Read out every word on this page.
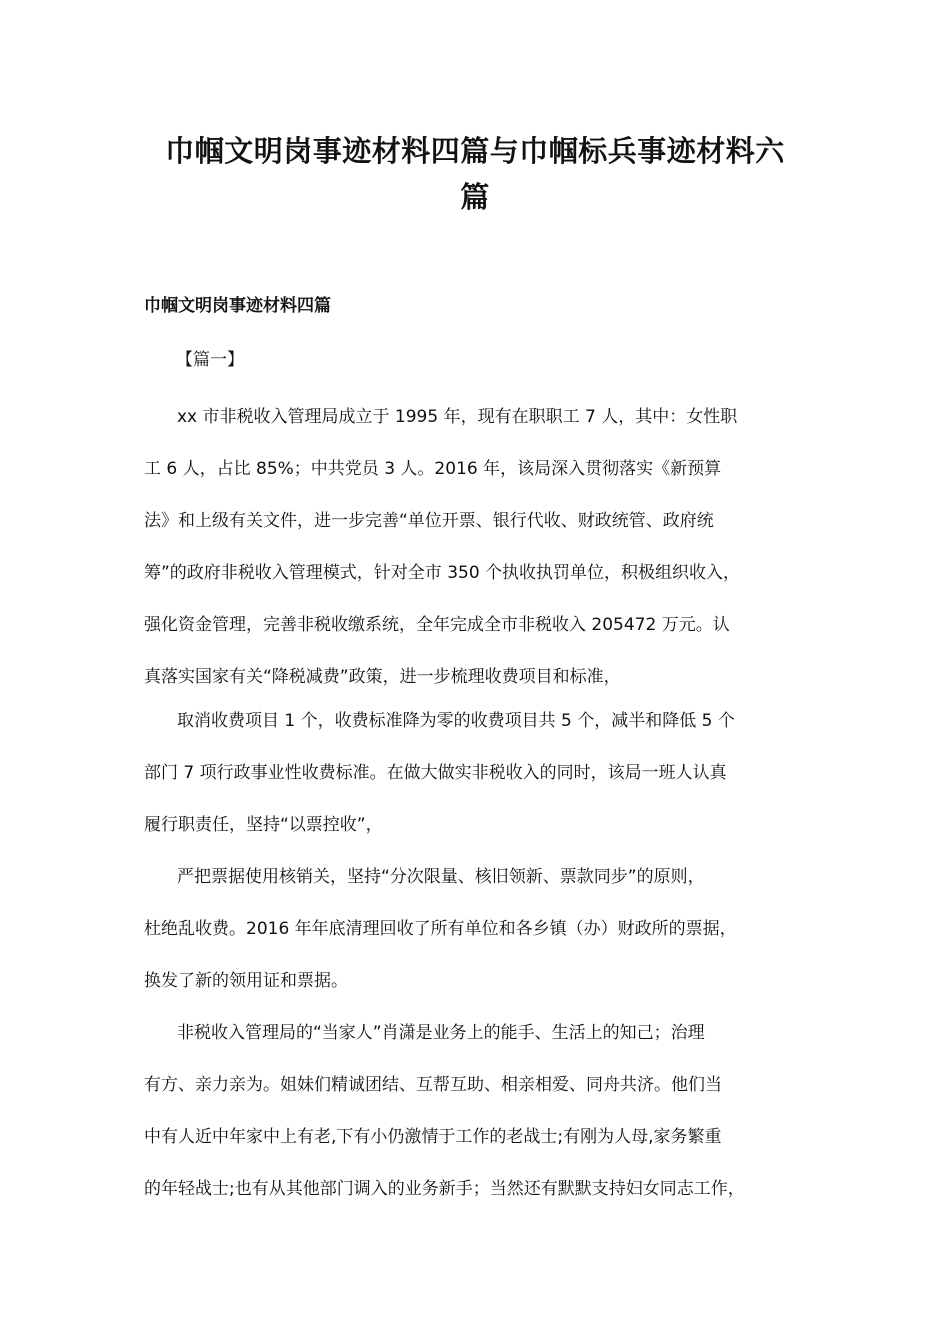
巾帼文明岗事迹材料四篇与巾帼标兵事迹材料六
篇
巾帼文明岗事迹材料四篇
【篇一】
xx 市非税收入管理局成立于 1995 年，现有在职职工 7 人，其中：女性职
工 6 人，占比 85%；中共党员 3 人。2016 年，该局深入贯彻落实《新预算
法》和上级有关文件，进一步完善“单位开票、银行代收、财政统管、政府统
筹”的政府非税收入管理模式，针对全市 350 个执收执罚单位，积极组织收入，
强化资金管理，完善非税收缴系统，全年完成全市非税收入 205472 万元。认
真落实国家有关“降税减费”政策，进一步梳理收费项目和标准，
取消收费项目 1 个，收费标准降为零的收费项目共 5 个，减半和降低 5 个
部门 7 项行政事业性收费标准。在做大做实非税收入的同时，该局一班人认真
履行职责任，坚持“以票控收”，
严把票据使用核销关，坚持“分次限量、核旧领新、票款同步”的原则，
杜绝乱收费。2016 年年底清理回收了所有单位和各乡镇（办）财政所的票据，
换发了新的领用证和票据。
非税收入管理局的“当家人”肖潇是业务上的能手、生活上的知己；治理
有方、亲力亲为。姐妹们精诚团结、互帮互助、相亲相爱、同舟共济。他们当
中有人近中年家中上有老,下有小仍激情于工作的老战士;有刚为人母,家务繁重
的年轻战士;也有从其他部门调入的业务新手；当然还有默默支持妇女同志工作，
